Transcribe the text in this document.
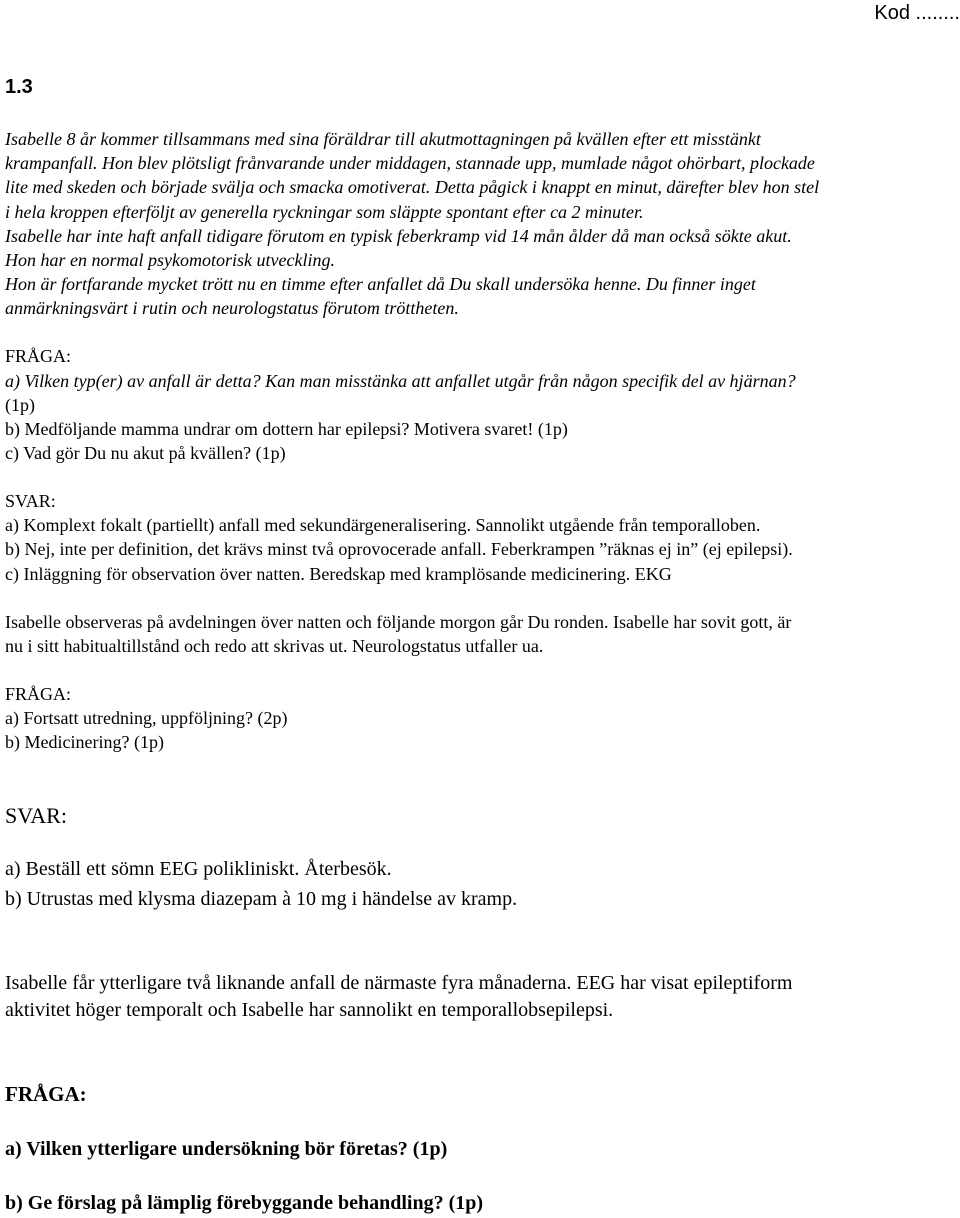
Kod ........
1.3
Isabelle 8 år kommer tillsammans med sina föräldrar till akutmottagningen på kvällen efter ett misstänkt
krampanfall. Hon blev plötsligt frånvarande under middagen, stannade upp, mumlade något ohörbart, plockade
lite med skeden och började svälja och smacka omotiverat. Detta pågick i knappt en minut, därefter blev hon stel
i hela kroppen efterföljt av generella ryckningar som släppte spontant efter ca 2 minuter.
Isabelle har inte haft anfall tidigare förutom en typisk feberkramp vid 14 mån ålder då man också sökte akut.
Hon har en normal psykomotorisk utveckling.
Hon är fortfarande mycket trött nu en timme efter anfallet då Du skall undersöka henne. Du finner inget
anmärkningsvärt i rutin och neurologstatus förutom tröttheten.
FRÅGA:
a) Vilken typ(er) av anfall är detta? Kan man misstänka att anfallet utgår från någon specifik del av hjärnan?
(1p)
b) Medföljande mamma undrar om dottern har epilepsi? Motivera svaret! (1p)
c) Vad gör Du nu akut på kvällen? (1p)
SVAR:
a) Komplext fokalt (partiellt) anfall med sekundärgeneralisering. Sannolikt utgående från temporalloben.
b) Nej, inte per definition, det krävs minst två oprovocerade anfall. Feberkrampen ”räknas ej in” (ej epilepsi).
c) Inläggning för observation över natten. Beredskap med kramplösande medicinering. EKG
Isabelle observeras på avdelningen över natten och följande morgon går Du ronden. Isabelle har sovit gott, är
nu i sitt habitualtillstånd och redo att skrivas ut. Neurologstatus utfaller ua.
FRÅGA:
a) Fortsatt utredning, uppföljning? (2p)
b) Medicinering? (1p)
SVAR:
a) Beställ ett sömn EEG polikliniskt. Återbesök.
b) Utrustas med klysma diazepam à 10 mg i händelse av kramp.
Isabelle får ytterligare två liknande anfall de närmaste fyra månaderna. EEG har visat epileptiform
aktivitet höger temporalt och Isabelle har sannolikt en temporallobsepilepsi.
FRÅGA:
a) Vilken ytterligare undersökning bör företas? (1p)
b) Ge förslag på lämplig förebyggande behandling? (1p)
